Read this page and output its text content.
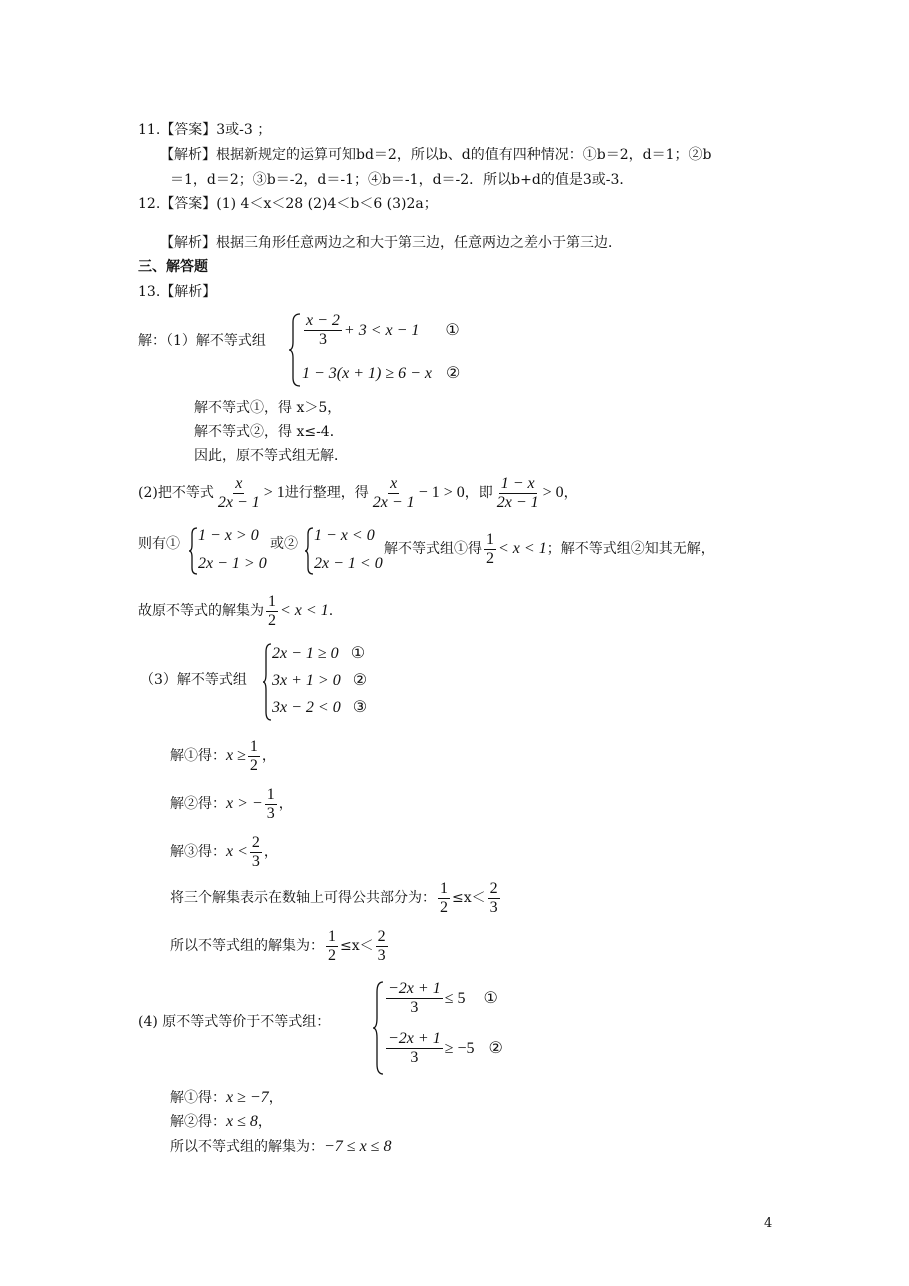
11.【答案】3或-3 ；
【解析】根据新规定的运算可知bd＝2，所以b、d的值有四种情况：①b＝2，d＝1；②b
＝1，d＝2；③b＝-2，d＝-1；④b＝-1，d＝-2．所以b+d的值是3或-3．
12.【答案】(1) 4＜x＜28 (2)4＜b＜6 (3)2a；
【解析】根据三角形任意两边之和大于第三边，任意两边之差小于第三边．
三、解答题
13.【解析】
解：（1）解不等式组 $\frac{x - 2}{3} + 3 < x - 1$ ①
1 − 3(x + 1) ≥ 6 − x ②
解不等式①，得 x＞5，
解不等式②，得 x≤-4．
因此，原不等式组无解．
(2)把不等式 $\frac{x}{2x - 1} > 1$ 进行整理，得 $\frac{x}{2x - 1} - 1 > 0$ ，即 $\frac{1 - x}{2x - 1} > 0$ ，
则有① 1 − x > 0
2x − 1 > 0
或② 1 − x < 0
2x − 1 < 0
解不等式组①得 $\frac{1}{2} < x < 1$ ；解不等式组②知其无解，
故原不等式的解集为 $\frac{1}{2} < x < 1$ .
（3）解不等式组
2x − 1 ≥ 0 ①
3x + 1 > 0 ②
3x − 2 < 0 ③
解①得： $x \ge \frac{1}{2}$ ，
解②得： x > − $\frac{1}{3}$ ，
解③得： $x < \frac{2}{3}$ ，
将三个解集表示在数轴上可得公共部分为： $\frac{1}{2} \le x< \frac{2}{3}$
所以不等式组的解集为： $\frac{1}{2} \le x< \frac{2}{3}$
(4) 原不等式等价于不等式组：
$\frac{-2x + 1}{3} \le 5$ ①
$\frac{-2x + 1}{3} \ge -5$ ②
解①得：x ≥ −7，
解②得：x ≤ 8，
所以不等式组的解集为：−7 ≤ x ≤ 8
4
